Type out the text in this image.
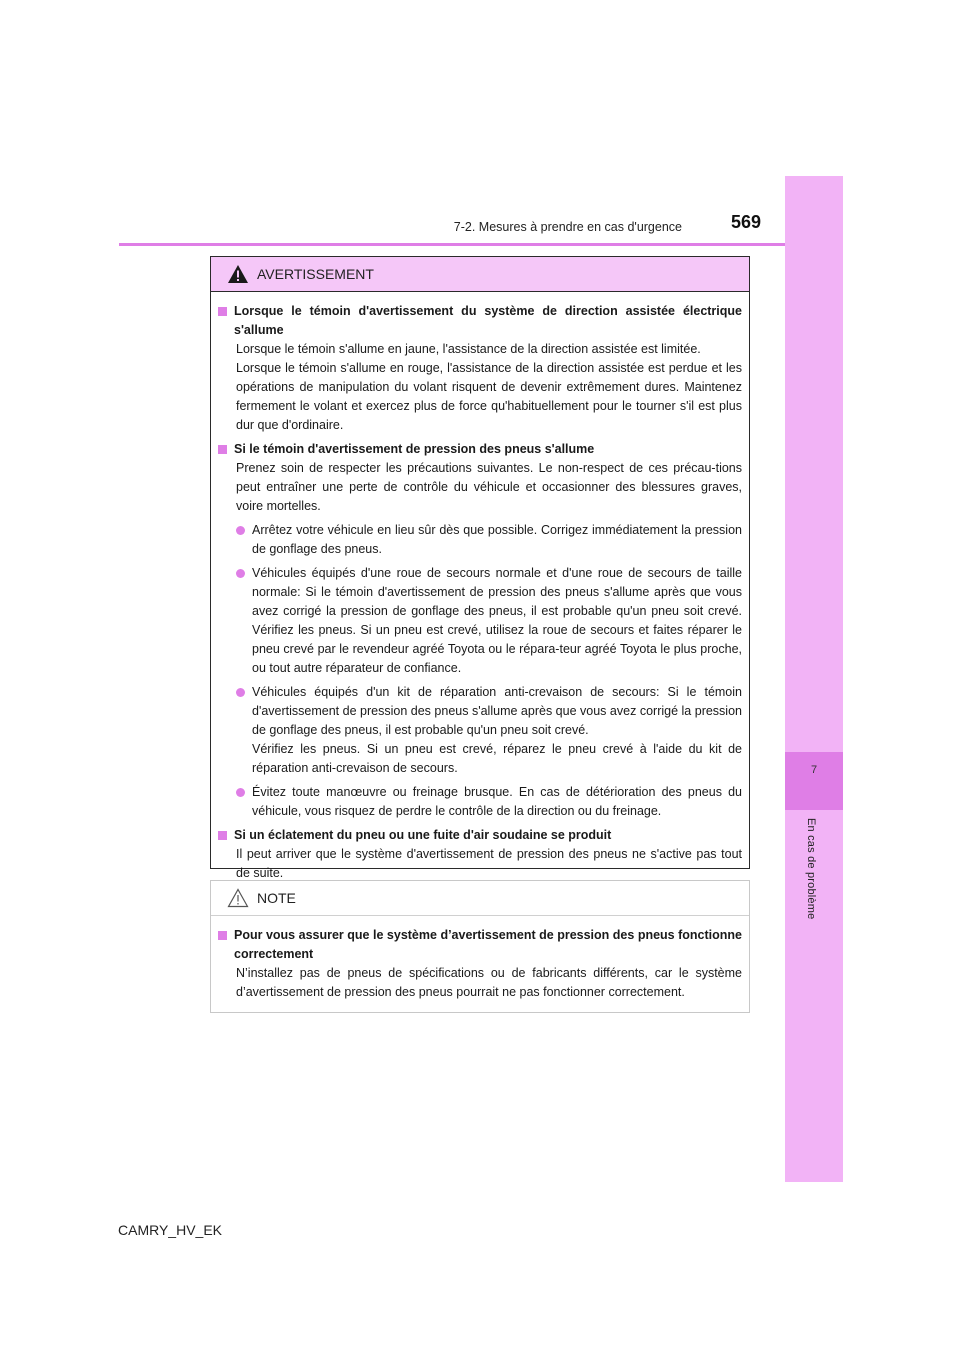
7
En cas de problème
7-2. Mesures à prendre en cas d'urgence	569
AVERTISSEMENT
Lorsque le témoin d'avertissement du système de direction assistée électrique s'allume
Lorsque le témoin s'allume en jaune, l'assistance de la direction assistée est limitée.
Lorsque le témoin s'allume en rouge, l'assistance de la direction assistée est perdue et les opérations de manipulation du volant risquent de devenir extrêmement dures. Maintenez fermement le volant et exercez plus de force qu'habituellement pour le tourner s'il est plus dur que d'ordinaire.
Si le témoin d'avertissement de pression des pneus s'allume
Prenez soin de respecter les précautions suivantes. Le non-respect de ces précau-tions peut entraîner une perte de contrôle du véhicule et occasionner des blessures graves, voire mortelles.
Arrêtez votre véhicule en lieu sûr dès que possible. Corrigez immédiatement la pression de gonflage des pneus.
Véhicules équipés d'une roue de secours normale et d'une roue de secours de taille normale: Si le témoin d'avertissement de pression des pneus s'allume après que vous avez corrigé la pression de gonflage des pneus, il est probable qu'un pneu soit crevé. Vérifiez les pneus. Si un pneu est crevé, utilisez la roue de secours et faites réparer le pneu crevé par le revendeur agréé Toyota ou le répara-teur agréé Toyota le plus proche, ou tout autre réparateur de confiance.
Véhicules équipés d'un kit de réparation anti-crevaison de secours: Si le témoin d'avertissement de pression des pneus s'allume après que vous avez corrigé la pression de gonflage des pneus, il est probable qu'un pneu soit crevé.
Vérifiez les pneus. Si un pneu est crevé, réparez le pneu crevé à l'aide du kit de réparation anti-crevaison de secours.
Évitez toute manœuvre ou freinage brusque. En cas de détérioration des pneus du véhicule, vous risquez de perdre le contrôle de la direction ou du freinage.
Si un éclatement du pneu ou une fuite d'air soudaine se produit
Il peut arriver que le système d'avertissement de pression des pneus ne s'active pas tout de suite.
NOTE
Pour vous assurer que le système d’avertissement de pression des pneus fonctionne correctement
N’installez pas de pneus de spécifications ou de fabricants différents, car le système d’avertissement de pression des pneus pourrait ne pas fonctionner correctement.
CAMRY_HV_EK
